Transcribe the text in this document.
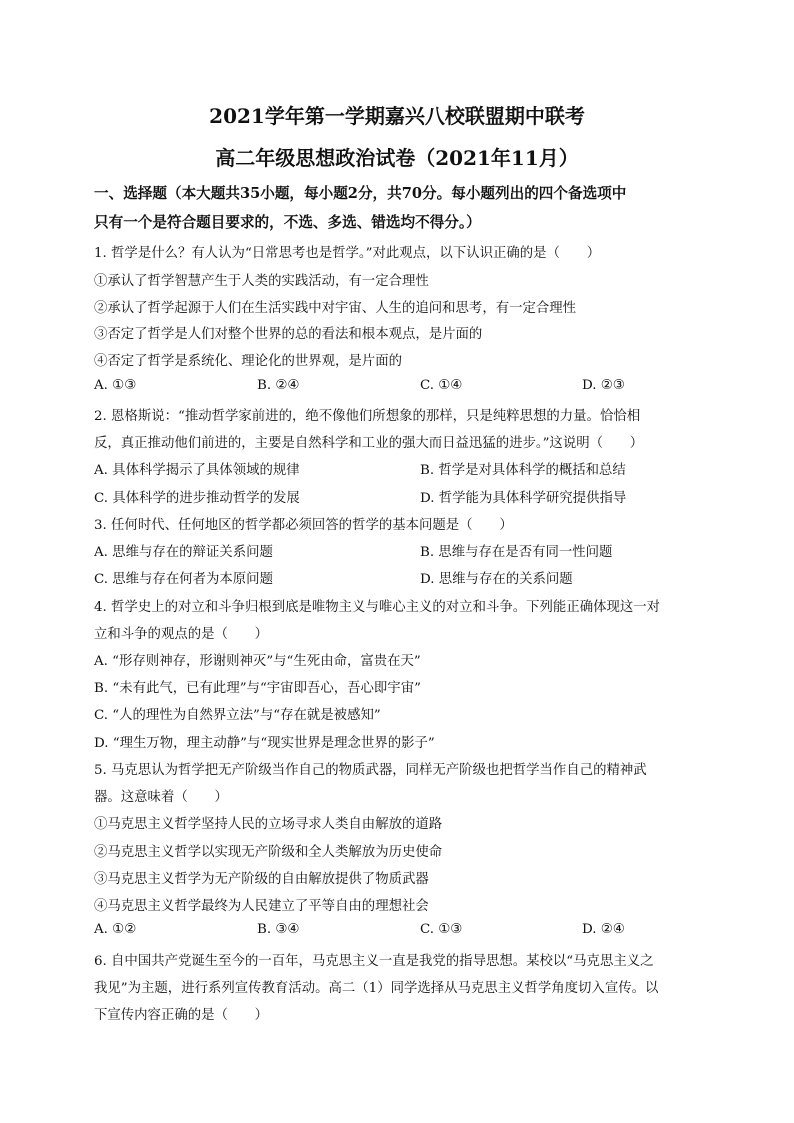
2021学年第一学期嘉兴八校联盟期中联考
高二年级思想政治试卷（2021年11月）
一、选择题（本大题共35小题，每小题2分，共70分。每小题列出的四个备选项中
只有一个是符合题目要求的，不选、多选、错选均不得分。）
1. 哲学是什么？有人认为“日常思考也是哲学。”对此观点，以下认识正确的是（　　）
①承认了哲学智慧产生于人类的实践活动，有一定合理性
②承认了哲学起源于人们在生活实践中对宇宙、人生的追问和思考，有一定合理性
③否定了哲学是人们对整个世界的总的看法和根本观点，是片面的
④否定了哲学是系统化、理论化的世界观，是片面的
A. ①③	B. ②④	C. ①④	D. ②③
2. 恩格斯说：“推动哲学家前进的，绝不像他们所想象的那样，只是纯粹思想的力量。恰恰相
反，真正推动他们前进的，主要是自然科学和工业的强大而日益迅猛的进步。”这说明（　　）
A. 具体科学揭示了具体领域的规律	B. 哲学是对具体科学的概括和总结
C. 具体科学的进步推动哲学的发展	D. 哲学能为具体科学研究提供指导
3. 任何时代、任何地区的哲学都必须回答的哲学的基本问题是（　　）
A. 思维与存在的辩证关系问题	B. 思维与存在是否有同一性问题
C. 思维与存在何者为本原问题	D. 思维与存在的关系问题
4. 哲学史上的对立和斗争归根到底是唯物主义与唯心主义的对立和斗争。下列能正确体现这一对
立和斗争的观点的是（　　）
A. “形存则神存，形谢则神灭”与“生死由命，富贵在天”
B. “未有此气，已有此理”与“宇宙即吾心，吾心即宇宙”
C. “人的理性为自然界立法”与“存在就是被感知”
D. “理生万物，理主动静”与“现实世界是理念世界的影子”
5. 马克思认为哲学把无产阶级当作自己的物质武器，同样无产阶级也把哲学当作自己的精神武
器。这意味着（　　）
①马克思主义哲学坚持人民的立场寻求人类自由解放的道路
②马克思主义哲学以实现无产阶级和全人类解放为历史使命
③马克思主义哲学为无产阶级的自由解放提供了物质武器
④马克思主义哲学最终为人民建立了平等自由的理想社会
A. ①②	B. ③④	C. ①③	D. ②④
6. 自中国共产党诞生至今的一百年，马克思主义一直是我党的指导思想。某校以“马克思主义之
我见”为主题，进行系列宣传教育活动。高二（1）同学选择从马克思主义哲学角度切入宣传。以
下宣传内容正确的是（　　）
